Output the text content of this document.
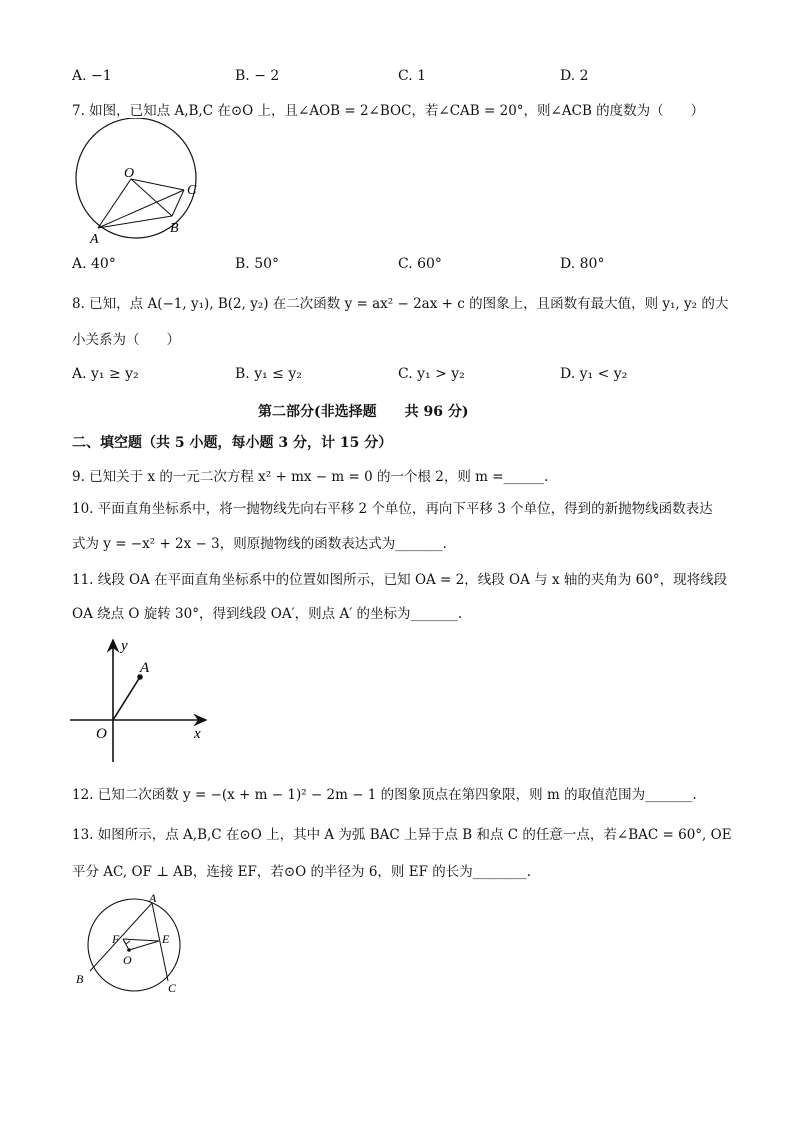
A. −1	B. − 2	C. 1	D. 2
7. 如图，已知点 A,B,C 在⊙O 上，且∠AOB = 2∠BOC，若∠CAB = 20°，则∠ACB 的度数为（　　）
O
C
A
B
A. 40°	B. 50°	C. 60°	D. 80°
8. 已知，点 A(−1, y₁), B(2, y₂) 在二次函数 y = ax² − 2ax + c 的图象上，且函数有最大值，则 y₁, y₂ 的大
小关系为（　　）
A. y₁ ≥ y₂	B. y₁ ≤ y₂	C. y₁ > y₂	D. y₁ < y₂
第二部分(非选择题　　共 96 分)
二、填空题（共 5 小题，每小题 3 分，计 15 分）
9. 已知关于 x 的一元二次方程 x² + mx − m = 0 的一个根 2，则 m =______.
10. 平面直角坐标系中，将一抛物线先向右平移 2 个单位，再向下平移 3 个单位，得到的新抛物线函数表达
式为 y = −x² + 2x − 3，则原抛物线的函数表达式为_______.
11. 线段 OA 在平面直角坐标系中的位置如图所示，已知 OA = 2，线段 OA 与 x 轴的夹角为 60°，现将线段
OA 绕点 O 旋转 30°，得到线段 OA′，则点 A′ 的坐标为_______.
y
A
O	x
12. 已知二次函数 y = −(x + m − 1)² − 2m − 1 的图象顶点在第四象限，则 m 的取值范围为_______.
13. 如图所示，点 A,B,C 在⊙O 上，其中 A 为弧 BAC 上异于点 B 和点 C 的任意一点，若∠BAC = 60°, OE
平分 AC, OF ⊥ AB，连接 EF，若⊙O 的半径为 6，则 EF 的长为________.
A
F	E
O
B
C
